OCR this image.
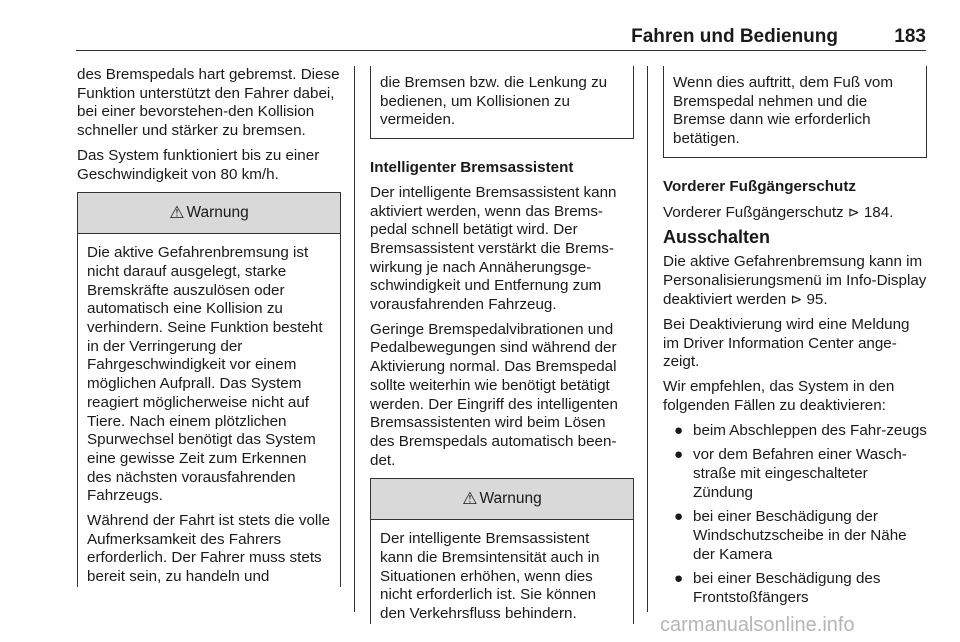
Fahren und Bedienung	183

des Bremspedals hart gebremst. Diese Funktion unterstützt den Fahrer dabei, bei einer bevorstehen-den Kollision schneller und stärker zu bremsen.

Das System funktioniert bis zu einer Geschwindigkeit von 80 km/h.

⚠ Warnung

Die aktive Gefahrenbremsung ist nicht darauf ausgelegt, starke Bremskräfte auszulösen oder automatisch eine Kollision zu verhindern. Seine Funktion besteht in der Verringerung der Fahrgeschwindigkeit vor einem möglichen Aufprall. Das System reagiert möglicherweise nicht auf Tiere. Nach einem plötzlichen Spurwechsel benötigt das System eine gewisse Zeit zum Erkennen des nächsten vorausfahrenden Fahrzeugs.

Während der Fahrt ist stets die volle Aufmerksamkeit des Fahrers erforderlich. Der Fahrer muss stets bereit sein, zu handeln und

die Bremsen bzw. die Lenkung zu bedienen, um Kollisionen zu vermeiden.

Intelligenter Bremsassistent

Der intelligente Bremsassistent kann aktiviert werden, wenn das Brems-pedal schnell betätigt wird. Der Bremsassistent verstärkt die Brems-wirkung je nach Annäherungsge-schwindigkeit und Entfernung zum vorausfahrenden Fahrzeug.

Geringe Bremspedalvibrationen und Pedalbewegungen sind während der Aktivierung normal. Das Bremspedal sollte weiterhin wie benötigt betätigt werden. Der Eingriff des intelligenten Bremsassistenten wird beim Lösen des Bremspedals automatisch been-det.

⚠ Warnung

Der intelligente Bremsassistent kann die Bremsintensität auch in Situationen erhöhen, wenn dies nicht erforderlich ist. Sie können den Verkehrsfluss behindern.

Wenn dies auftritt, dem Fuß vom Bremspedal nehmen und die Bremse dann wie erforderlich betätigen.

Vorderer Fußgängerschutz

Vorderer Fußgängerschutz ⊳ 184.

Ausschalten

Die aktive Gefahrenbremsung kann im Personalisierungsmenü im Info-Display deaktiviert werden ⊳ 95.

Bei Deaktivierung wird eine Meldung im Driver Information Center ange-zeigt.

Wir empfehlen, das System in den folgenden Fällen zu deaktivieren:

● beim Abschleppen des Fahr-zeugs
● vor dem Befahren einer Wasch-straße mit eingeschalteter Zündung
● bei einer Beschädigung der Windschutzscheibe in der Nähe der Kamera
● bei einer Beschädigung des Frontstoßfängers
carmanualsonline.info
